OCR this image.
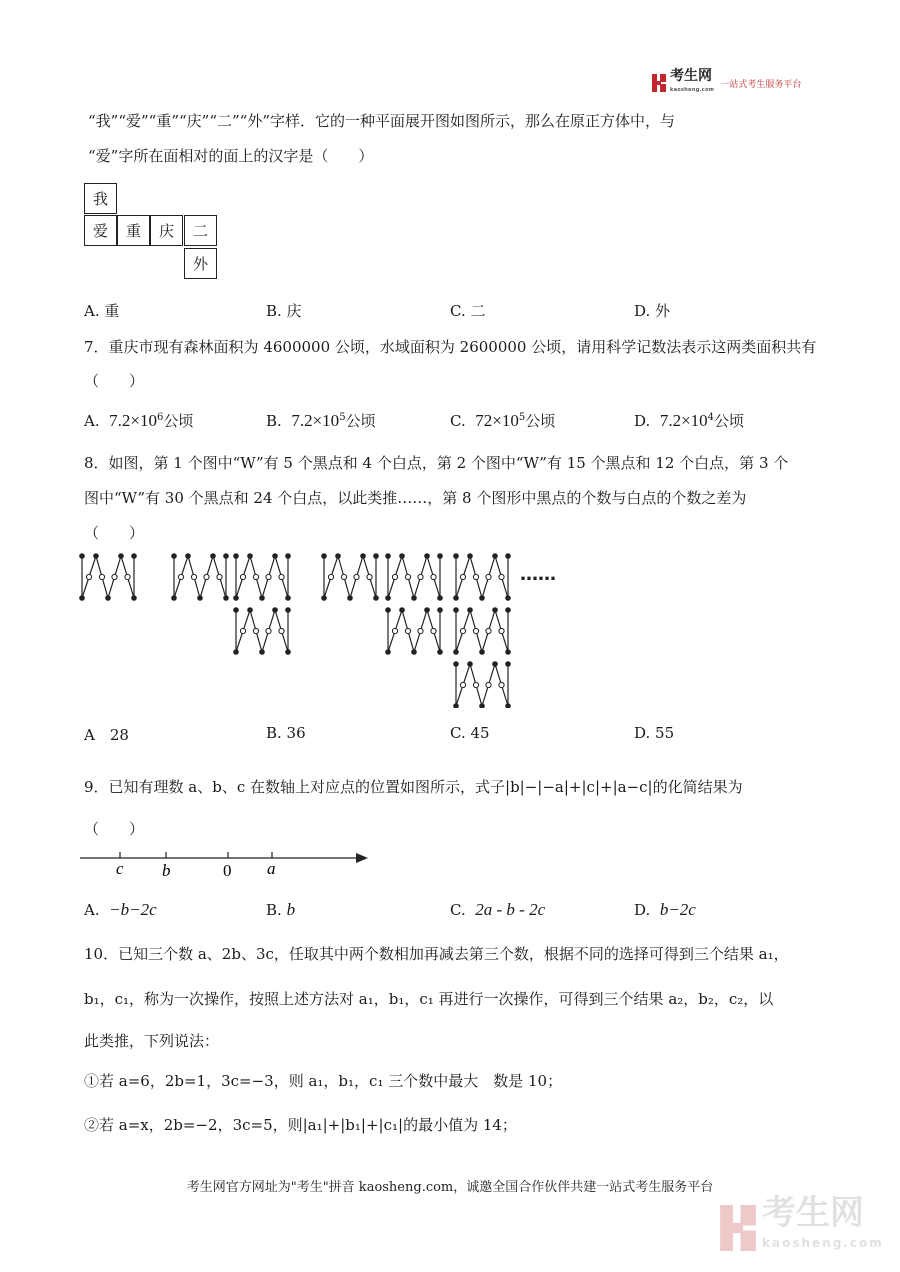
考生网
kaosheng.com
一站式考生服务平台
“我”“爱”“重”“庆”“二”“外”字样．它的一种平面展开图如图所示，那么在原正方体中，与
“爱”字所在面相对的面上的汉字是（　　）
我
爱	重	庆	二
外
A. 重	B. 庆	C. 二	D. 外
7．重庆市现有森林面积为 4600000 公顷，水域面积为 2600000 公顷，请用科学记数法表示这两类面积共有
（　　）
A. $7.2\times 10^6$公顷	B. $7.2\times 10^5$公顷	C. $72\times 10^5$公顷	D. $7.2\times 10^4$公顷
8．如图，第 1 个图中“W”有 5 个黑点和 4 个白点，第 2 个图中“W”有 15 个黑点和 12 个白点，第 3 个
图中“W”有 30 个黑点和 24 个白点，以此类推……，第 8 个图形中黑点的个数与白点的个数之差为
（　　）
……
A　28	B. 36	C. 45	D. 55
9．已知有理数 a、b、c 在数轴上对应点的位置如图所示，式子|b|−|−a|+|c|+|a−c|的化简结果为
（　　）
c b	0 a
A. −b−2c	B. b	C. 2a - b - 2c	D. b−2c
10．已知三个数 a、2b、3c，任取其中两个数相加再减去第三个数，根据不同的选择可得到三个结果 a₁，
b₁，c₁，称为一次操作，按照上述方法对 a₁，b₁，c₁ 再进行一次操作，可得到三个结果 a₂，b₂，c₂，以
此类推，下列说法：
①若 a=6，2b=1，3c=−3，则 a₁，b₁，c₁ 三个数中最大　数是 10；
②若 a=x，2b=−2，3c=5，则|a₁|+|b₁|+|c₁|的最小值为 14；
考生网官方网址为"考生"拼音 kaosheng.com，诚邀全国合作伙伴共建一站式考生服务平台
考生网
kaosheng.com
